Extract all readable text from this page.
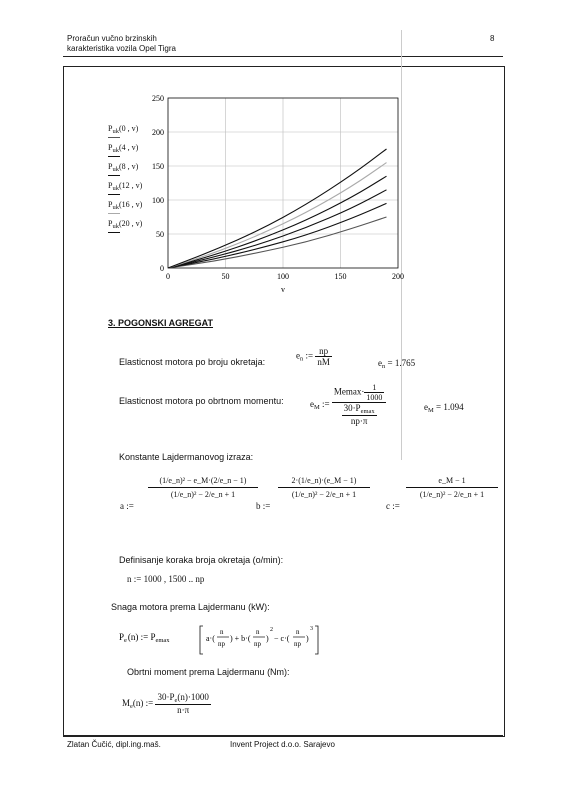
Proračun vučno brzinskih
karakteristika vozila Opel Tigra
8
0	50	100	150	200
0
50
100
150
200
250
v
$P_{uk}(0$ , v)
$P_{uk}(4$ , v)
$P_{uk}(8$ , v)
$P_{uk}(12$ , v)
$P_{uk}(16$ , v)
$P_{uk}(20$ , v)
3. POGONSKI AGREGAT
Elasticnost motora po broju okretaja:
$e_n$ := $\frac{np}{nM}$	$e_n = 1.765$
Elasticnost motora po obrtnom momentu:	$e_M$ := $\frac{Memax\cdot \frac{1}{1000}}{\frac{30\cdot P_{emax}}{np\cdot\pi}}$	$e_M = 1.094$
Konstante Lajdermanovog izraza:
a :=
(1/e_n)² − e_M·(2/e_n − 1)
(1/e_n)² − 2/e_n + 1
b :=
2·(1/e_n)·(e_M − 1)
(1/e_n)² − 2/e_n + 1
c :=
e_M − 1
(1/e_n)² − 2/e_n + 1
Definisanje koraka broja okretaja (o/min):
n := 1000 , 1500 .. np
Snaga motora prema Lajdermanu (kW):
$P_e(n)$ := $P_{emax}$	a·(
n
np
) + b·(
n
np
)
2
− c·(
n
np
)
3
Obrtni moment prema Lajdermanu (Nm):
$M_e(n)$ := $\frac{30\cdot P_e(n)\cdot 1000}{n\cdot\pi}$
Zlatan Čučić, dipl.ing.maš.	Invent Project d.o.o. Sarajevo
